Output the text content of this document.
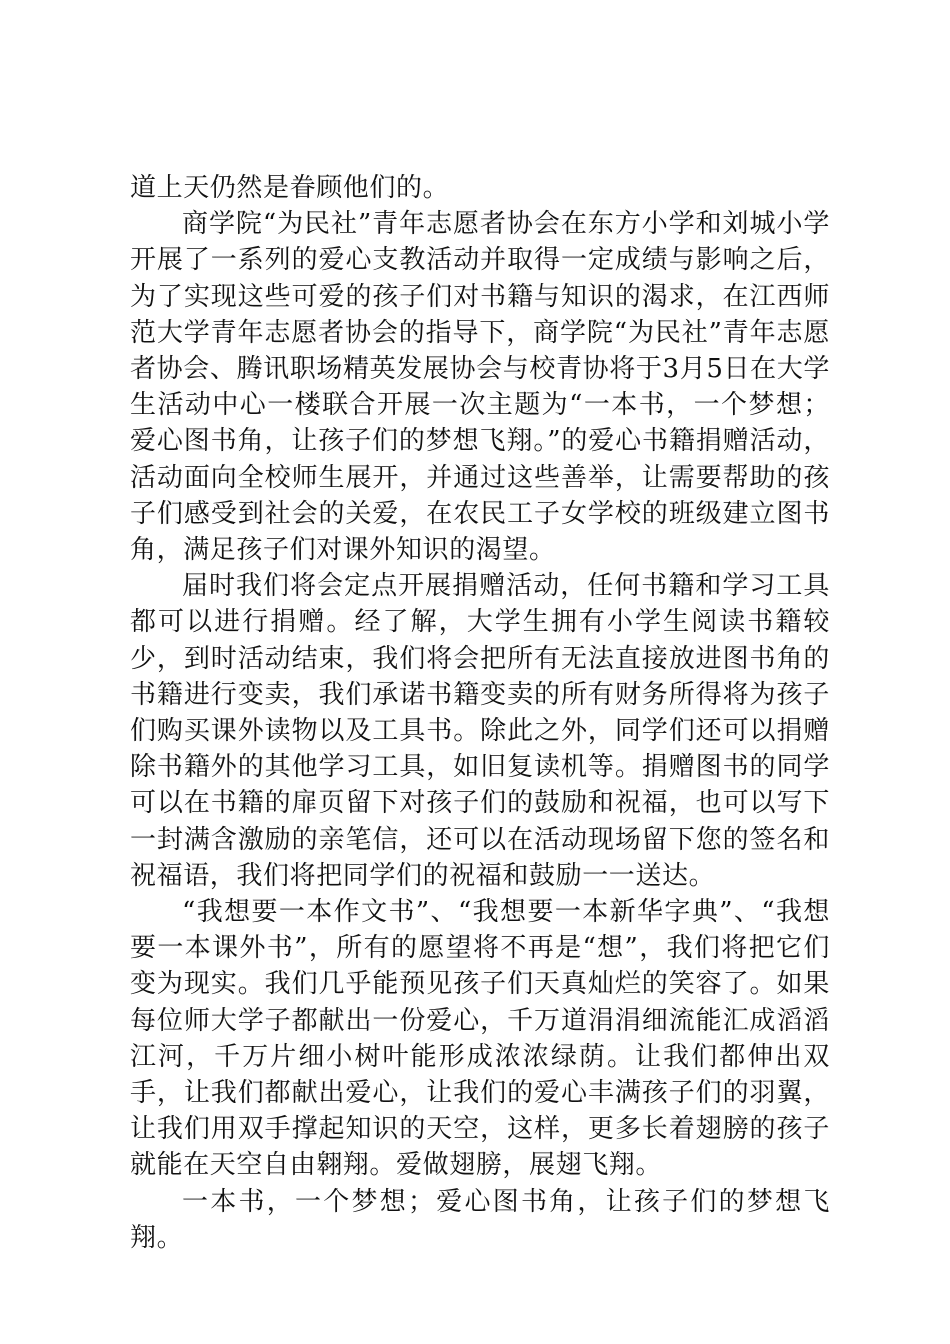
道上天仍然是眷顾他们的。

商学院“为民社”青年志愿者协会在东方小学和刘城小学开展了一系列的爱心支教活动并取得一定成绩与影响之后，为了实现这些可爱的孩子们对书籍与知识的渴求，在江西师范大学青年志愿者协会的指导下，商学院“为民社”青年志愿者协会、腾讯职场精英发展协会与校青协将于3月5日在大学生活动中心一楼联合开展一次主题为“一本书，一个梦想；爱心图书角，让孩子们的梦想飞翔。”的爱心书籍捐赠活动，活动面向全校师生展开，并通过这些善举，让需要帮助的孩子们感受到社会的关爱，在农民工子女学校的班级建立图书角，满足孩子们对课外知识的渴望。

届时我们将会定点开展捐赠活动，任何书籍和学习工具都可以进行捐赠。经了解，大学生拥有小学生阅读书籍较少，到时活动结束，我们将会把所有无法直接放进图书角的书籍进行变卖，我们承诺书籍变卖的所有财务所得将为孩子们购买课外读物以及工具书。除此之外，同学们还可以捐赠除书籍外的其他学习工具，如旧复读机等。捐赠图书的同学可以在书籍的扉页留下对孩子们的鼓励和祝福，也可以写下一封满含激励的亲笔信，还可以在活动现场留下您的签名和祝福语，我们将把同学们的祝福和鼓励一一送达。

“我想要一本作文书”、“我想要一本新华字典”、“我想要一本课外书”，所有的愿望将不再是“想”，我们将把它们变为现实。我们几乎能预见孩子们天真灿烂的笑容了。如果每位师大学子都献出一份爱心，千万道涓涓细流能汇成滔滔江河，千万片细小树叶能形成浓浓绿荫。让我们都伸出双手，让我们都献出爱心，让我们的爱心丰满孩子们的羽翼，让我们用双手撑起知识的天空，这样，更多长着翅膀的孩子就能在天空自由翱翔。爱做翅膀，展翅飞翔。

一本书，一个梦想；爱心图书角，让孩子们的梦想飞翔。
